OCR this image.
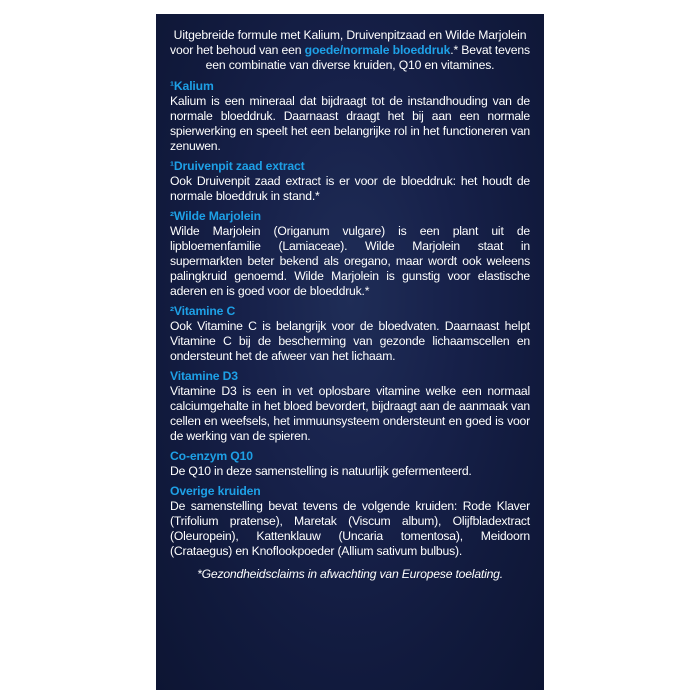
Uitgebreide formule met Kalium, Druivenpitzaad en Wilde Marjolein voor het behoud van een goede/normale bloeddruk.* Bevat tevens een combinatie van diverse kruiden, Q10 en vitamines.

¹Kalium

Kalium is een mineraal dat bijdraagt tot de instandhouding van de normale bloeddruk. Daarnaast draagt het bij aan een normale spierwerking en speelt het een belangrijke rol in het functioneren van zenuwen.

¹Druivenpit zaad extract

Ook Druivenpit zaad extract is er voor de bloeddruk: het houdt de normale bloeddruk in stand.*

²Wilde Marjolein

Wilde Marjolein (Origanum vulgare) is een plant uit de lipbloemenfamilie (Lamiaceae). Wilde Marjolein staat in supermarkten beter bekend als oregano, maar wordt ook weleens palingkruid genoemd. Wilde Marjolein is gunstig voor elastische aderen en is goed voor de bloeddruk.*

²Vitamine C

Ook Vitamine C is belangrijk voor de bloedvaten. Daarnaast helpt Vitamine C bij de bescherming van gezonde lichaamscellen en ondersteunt het de afweer van het lichaam.

Vitamine D3

Vitamine D3 is een in vet oplosbare vitamine welke een normaal calciumgehalte in het bloed bevordert, bijdraagt aan de aanmaak van cellen en weefsels, het immuunsysteem ondersteunt en goed is voor de werking van de spieren.

Co-enzym Q10

De Q10 in deze samenstelling is natuurlijk gefermenteerd.

Overige kruiden

De samenstelling bevat tevens de volgende kruiden: Rode Klaver (Trifolium pratense), Maretak (Viscum album), Olijfbladextract (Oleuropein), Kattenklauw (Uncaria tomentosa), Meidoorn (Crataegus) en Knoflookpoeder (Allium sativum bulbus).

*Gezondheidsclaims in afwachting van Europese toelating.
